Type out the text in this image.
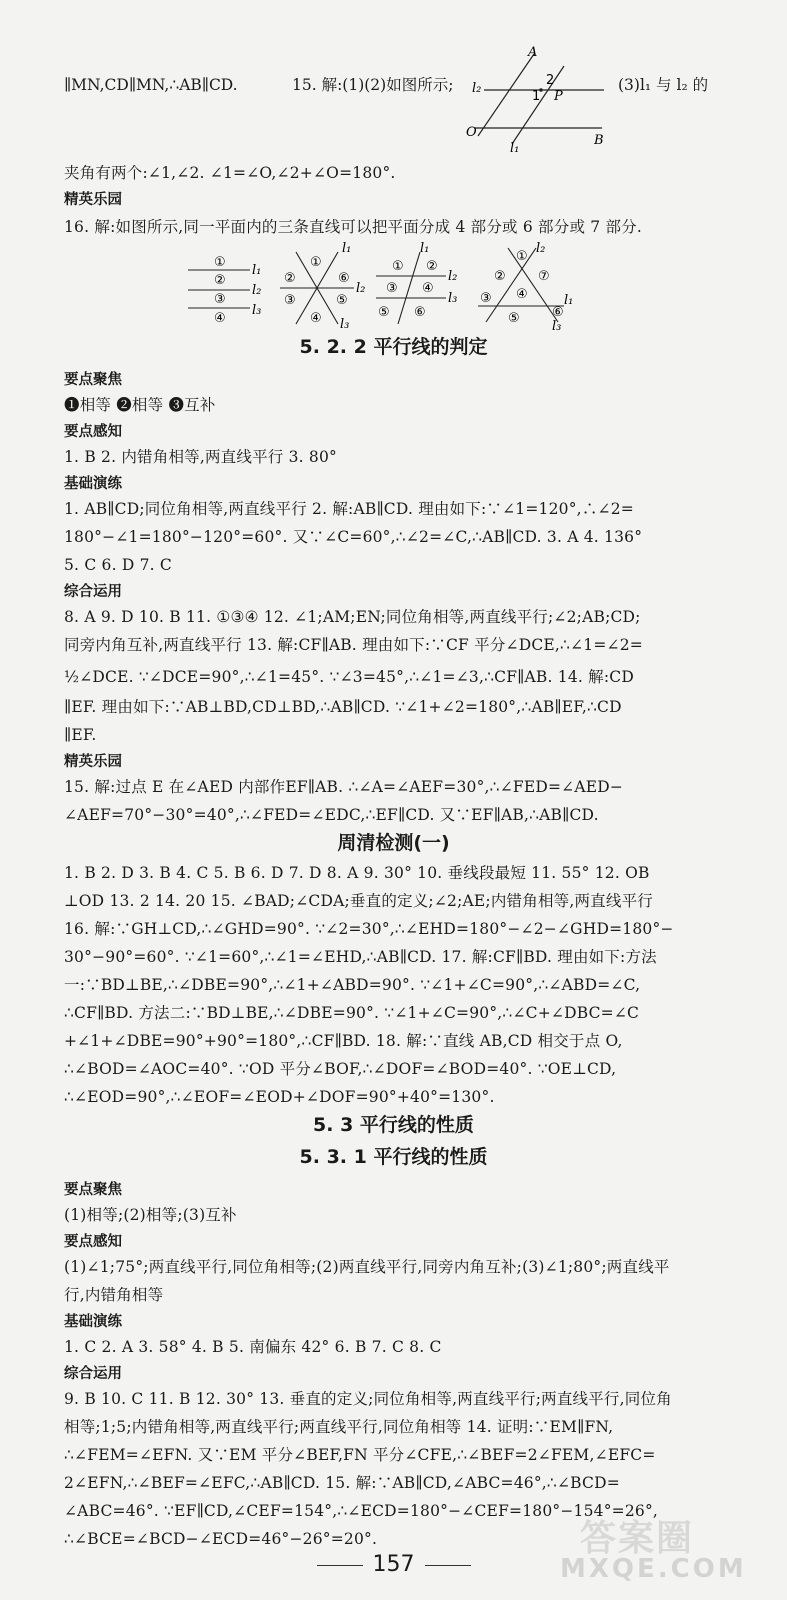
∥MN,CD∥MN,∴AB∥CD.	15. 解:(1)(2)如图所示;	(3)l₁ 与 l₂ 的
A
B
O
P
l₁
l₂
1
2
夹角有两个:∠1,∠2. ∠1=∠O,∠2+∠O=180°.
精英乐园
16. 解:如图所示,同一平面内的三条直线可以把平面分成 4 部分或 6 部分或 7 部分.
①
②
③
④
l₁
l₂
l₃
①
②	⑥
③	⑤
④
l₁
l₂
l₃
l₁
① ②
③ ④
⑤ ⑥
l₂
l₃
①
② ⑦
④
③
⑤ ⑥
l₂
l₁
l₃
5. 2. 2 平行线的判定
要点聚焦
❶相等 ❷相等 ❸互补
要点感知
1. B 2. 内错角相等,两直线平行 3. 80°
基础演练
1. AB∥CD;同位角相等,两直线平行 2. 解:AB∥CD. 理由如下:∵∠1=120°,∴∠2=
180°−∠1=180°−120°=60°. 又∵∠C=60°,∴∠2=∠C,∴AB∥CD. 3. A 4. 136°
5. C 6. D 7. C
综合运用
8. A 9. D 10. B 11. ①③④ 12. ∠1;AM;EN;同位角相等,两直线平行;∠2;AB;CD;
同旁内角互补,两直线平行 13. 解:CF∥AB. 理由如下:∵CF 平分∠DCE,∴∠1=∠2=
½∠DCE. ∵∠DCE=90°,∴∠1=45°. ∵∠3=45°,∴∠1=∠3,∴CF∥AB. 14. 解:CD
∥EF. 理由如下:∵AB⊥BD,CD⊥BD,∴AB∥CD. ∵∠1+∠2=180°,∴AB∥EF,∴CD
∥EF.
精英乐园
15. 解:过点 E 在∠AED 内部作EF∥AB. ∴∠A=∠AEF=30°,∴∠FED=∠AED−
∠AEF=70°−30°=40°,∴∠FED=∠EDC,∴EF∥CD. 又∵EF∥AB,∴AB∥CD.
周清检测(一)
1. B 2. D 3. B 4. C 5. B 6. D 7. D 8. A 9. 30° 10. 垂线段最短 11. 55° 12. OB
⊥OD 13. 2 14. 20 15. ∠BAD;∠CDA;垂直的定义;∠2;AE;内错角相等,两直线平行
16. 解:∵GH⊥CD,∴∠GHD=90°. ∵∠2=30°,∴∠EHD=180°−∠2−∠GHD=180°−
30°−90°=60°. ∵∠1=60°,∴∠1=∠EHD,∴AB∥CD. 17. 解:CF∥BD. 理由如下:方法
一:∵BD⊥BE,∴∠DBE=90°,∴∠1+∠ABD=90°. ∵∠1+∠C=90°,∴∠ABD=∠C,
∴CF∥BD. 方法二:∵BD⊥BE,∴∠DBE=90°. ∵∠1+∠C=90°,∴∠C+∠DBC=∠C
+∠1+∠DBE=90°+90°=180°,∴CF∥BD. 18. 解:∵直线 AB,CD 相交于点 O,
∴∠BOD=∠AOC=40°. ∵OD 平分∠BOF,∴∠DOF=∠BOD=40°. ∵OE⊥CD,
∴∠EOD=90°,∴∠EOF=∠EOD+∠DOF=90°+40°=130°.
5. 3 平行线的性质
5. 3. 1 平行线的性质
要点聚焦
(1)相等;(2)相等;(3)互补
要点感知
(1)∠1;75°;两直线平行,同位角相等;(2)两直线平行,同旁内角互补;(3)∠1;80°;两直线平
行,内错角相等
基础演练
1. C 2. A 3. 58° 4. B 5. 南偏东 42° 6. B 7. C 8. C
综合运用
9. B 10. C 11. B 12. 30° 13. 垂直的定义;同位角相等,两直线平行;两直线平行,同位角
相等;1;5;内错角相等,两直线平行;两直线平行,同位角相等 14. 证明:∵EM∥FN,
∴∠FEM=∠EFN. 又∵EM 平分∠BEF,FN 平分∠CFE,∴∠BEF=2∠FEM,∠EFC=
2∠EFN,∴∠BEF=∠EFC,∴AB∥CD. 15. 解:∵AB∥CD,∠ABC=46°,∴∠BCD=
∠ABC=46°. ∵EF∥CD,∠CEF=154°,∴∠ECD=180°−∠CEF=180°−154°=26°,
∴∠BCE=∠BCD−∠ECD=46°−26°=20°.
157
答案圈
MXQE.COM
